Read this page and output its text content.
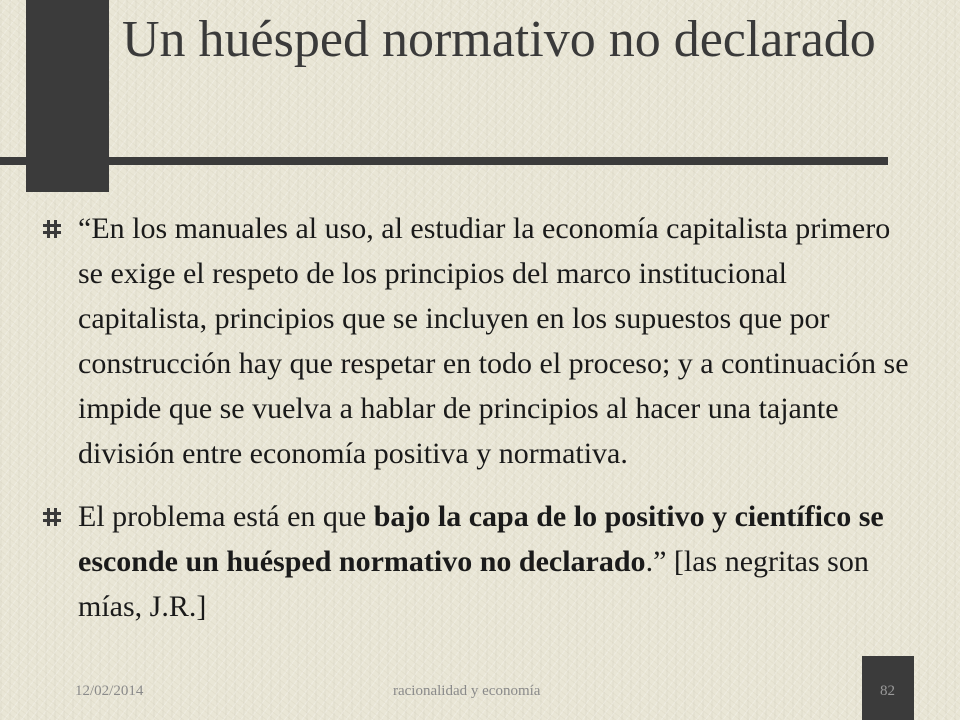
Un huésped normativo no declarado
“En los manuales al uso, al estudiar la economía capitalista primero se exige el respeto de los principios del marco institucional capitalista, principios que se incluyen en los supuestos que por construcción hay que respetar en todo el proceso; y a continuación se impide que se vuelva a hablar de principios al hacer una tajante división entre economía positiva y normativa.
El problema está en que bajo la capa de lo positivo y científico se esconde un huésped normativo no declarado.” [las negritas son mías, J.R.]
12/02/2014	racionalidad y economía	82
